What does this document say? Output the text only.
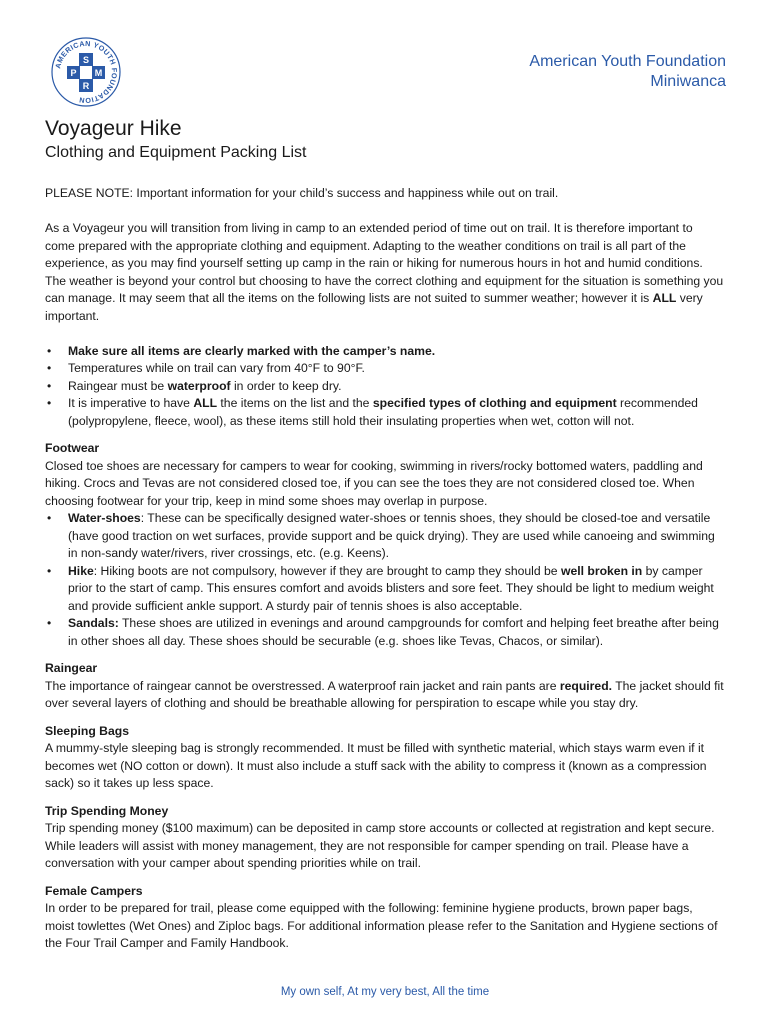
AMERICAN YOUTH FOUNDATION
S
P M
R
American Youth Foundation
Miniwanca
Voyageur Hike
Clothing and Equipment Packing List

PLEASE NOTE: Important information for your child’s success and happiness while out on trail.

As a Voyageur you will transition from living in camp to an extended period of time out on trail. It is therefore important to come prepared with the appropriate clothing and equipment. Adapting to the weather conditions on trail is all part of the experience, as you may find yourself setting up camp in the rain or hiking for numerous hours in hot and humid conditions. The weather is beyond your control but choosing to have the correct clothing and equipment for the situation is something you can manage. It may seem that all the items on the following lists are not suited to summer weather; however it is ALL very important.

• Make sure all items are clearly marked with the camper’s name.
• Temperatures while on trail can vary from 40°F to 90°F.
• Raingear must be waterproof in order to keep dry.
• It is imperative to have ALL the items on the list and the specified types of clothing and equipment recommended (polypropylene, fleece, wool), as these items still hold their insulating properties when wet, cotton will not.

Footwear

Closed toe shoes are necessary for campers to wear for cooking, swimming in rivers/rocky bottomed waters, paddling and hiking. Crocs and Tevas are not considered closed toe, if you can see the toes they are not considered closed toe. When choosing footwear for your trip, keep in mind some shoes may overlap in purpose.

• Water-shoes: These can be specifically designed water-shoes or tennis shoes, they should be closed-toe and versatile (have good traction on wet surfaces, provide support and be quick drying). They are used while canoeing and swimming in non-sandy water/rivers, river crossings, etc. (e.g. Keens).
• Hike: Hiking boots are not compulsory, however if they are brought to camp they should be well broken in by camper prior to the start of camp. This ensures comfort and avoids blisters and sore feet. They should be light to medium weight and provide sufficient ankle support. A sturdy pair of tennis shoes is also acceptable.
• Sandals: These shoes are utilized in evenings and around campgrounds for comfort and helping feet breathe after being in other shoes all day. These shoes should be securable (e.g. shoes like Tevas, Chacos, or similar).

Raingear

The importance of raingear cannot be overstressed. A waterproof rain jacket and rain pants are required. The jacket should fit over several layers of clothing and should be breathable allowing for perspiration to escape while you stay dry.

Sleeping Bags

A mummy-style sleeping bag is strongly recommended. It must be filled with synthetic material, which stays warm even if it becomes wet (NO cotton or down). It must also include a stuff sack with the ability to compress it (known as a compression sack) so it takes up less space.

Trip Spending Money

Trip spending money ($100 maximum) can be deposited in camp store accounts or collected at registration and kept secure. While leaders will assist with money management, they are not responsible for camper spending on trail. Please have a conversation with your camper about spending priorities while on trail.

Female Campers

In order to be prepared for trail, please come equipped with the following: feminine hygiene products, brown paper bags, moist towlettes (Wet Ones) and Ziploc bags. For additional information please refer to the Sanitation and Hygiene sections of the Four Trail Camper and Family Handbook.

My own self, At my very best, All the time
